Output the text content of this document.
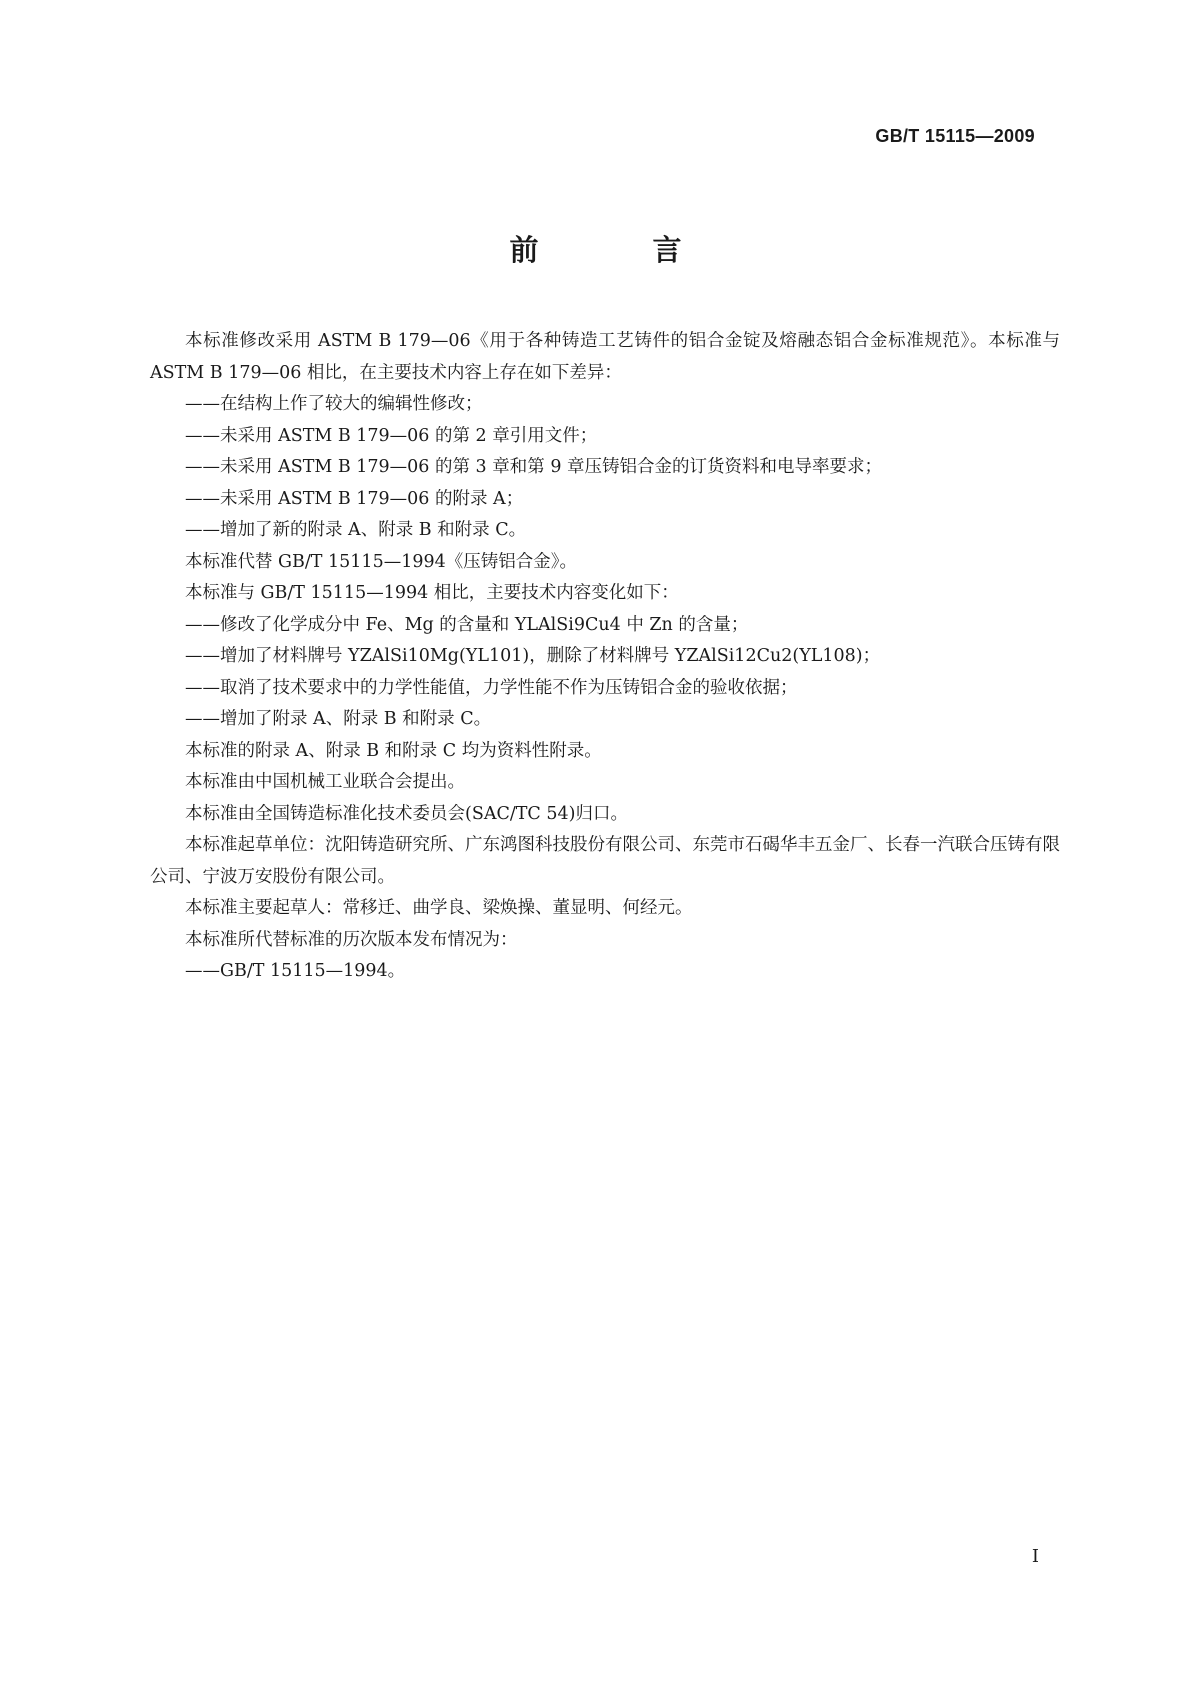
GB/T 15115—2009
前 言

本标准修改采用 ASTM B 179—06《用于各种铸造工艺铸件的铝合金锭及熔融态铝合金标准规范》。本标准与 ASTM B 179—06 相比，在主要技术内容上存在如下差异：

——在结构上作了较大的编辑性修改；

——未采用 ASTM B 179—06 的第 2 章引用文件；

——未采用 ASTM B 179—06 的第 3 章和第 9 章压铸铝合金的订货资料和电导率要求；

——未采用 ASTM B 179—06 的附录 A；

——增加了新的附录 A、附录 B 和附录 C。

本标准代替 GB/T 15115—1994《压铸铝合金》。

本标准与 GB/T 15115—1994 相比，主要技术内容变化如下：

——修改了化学成分中 Fe、Mg 的含量和 YLAlSi9Cu4 中 Zn 的含量；

——增加了材料牌号 YZAlSi10Mg(YL101)，删除了材料牌号 YZAlSi12Cu2(YL108)；

——取消了技术要求中的力学性能值，力学性能不作为压铸铝合金的验收依据；

——增加了附录 A、附录 B 和附录 C。

本标准的附录 A、附录 B 和附录 C 均为资料性附录。

本标准由中国机械工业联合会提出。

本标准由全国铸造标准化技术委员会(SAC/TC 54)归口。

本标准起草单位：沈阳铸造研究所、广东鸿图科技股份有限公司、东莞市石碣华丰五金厂、长春一汽联合压铸有限公司、宁波万安股份有限公司。

本标准主要起草人：常移迁、曲学良、梁焕操、董显明、何经元。

本标准所代替标准的历次版本发布情况为：

——GB/T 15115—1994。

I
